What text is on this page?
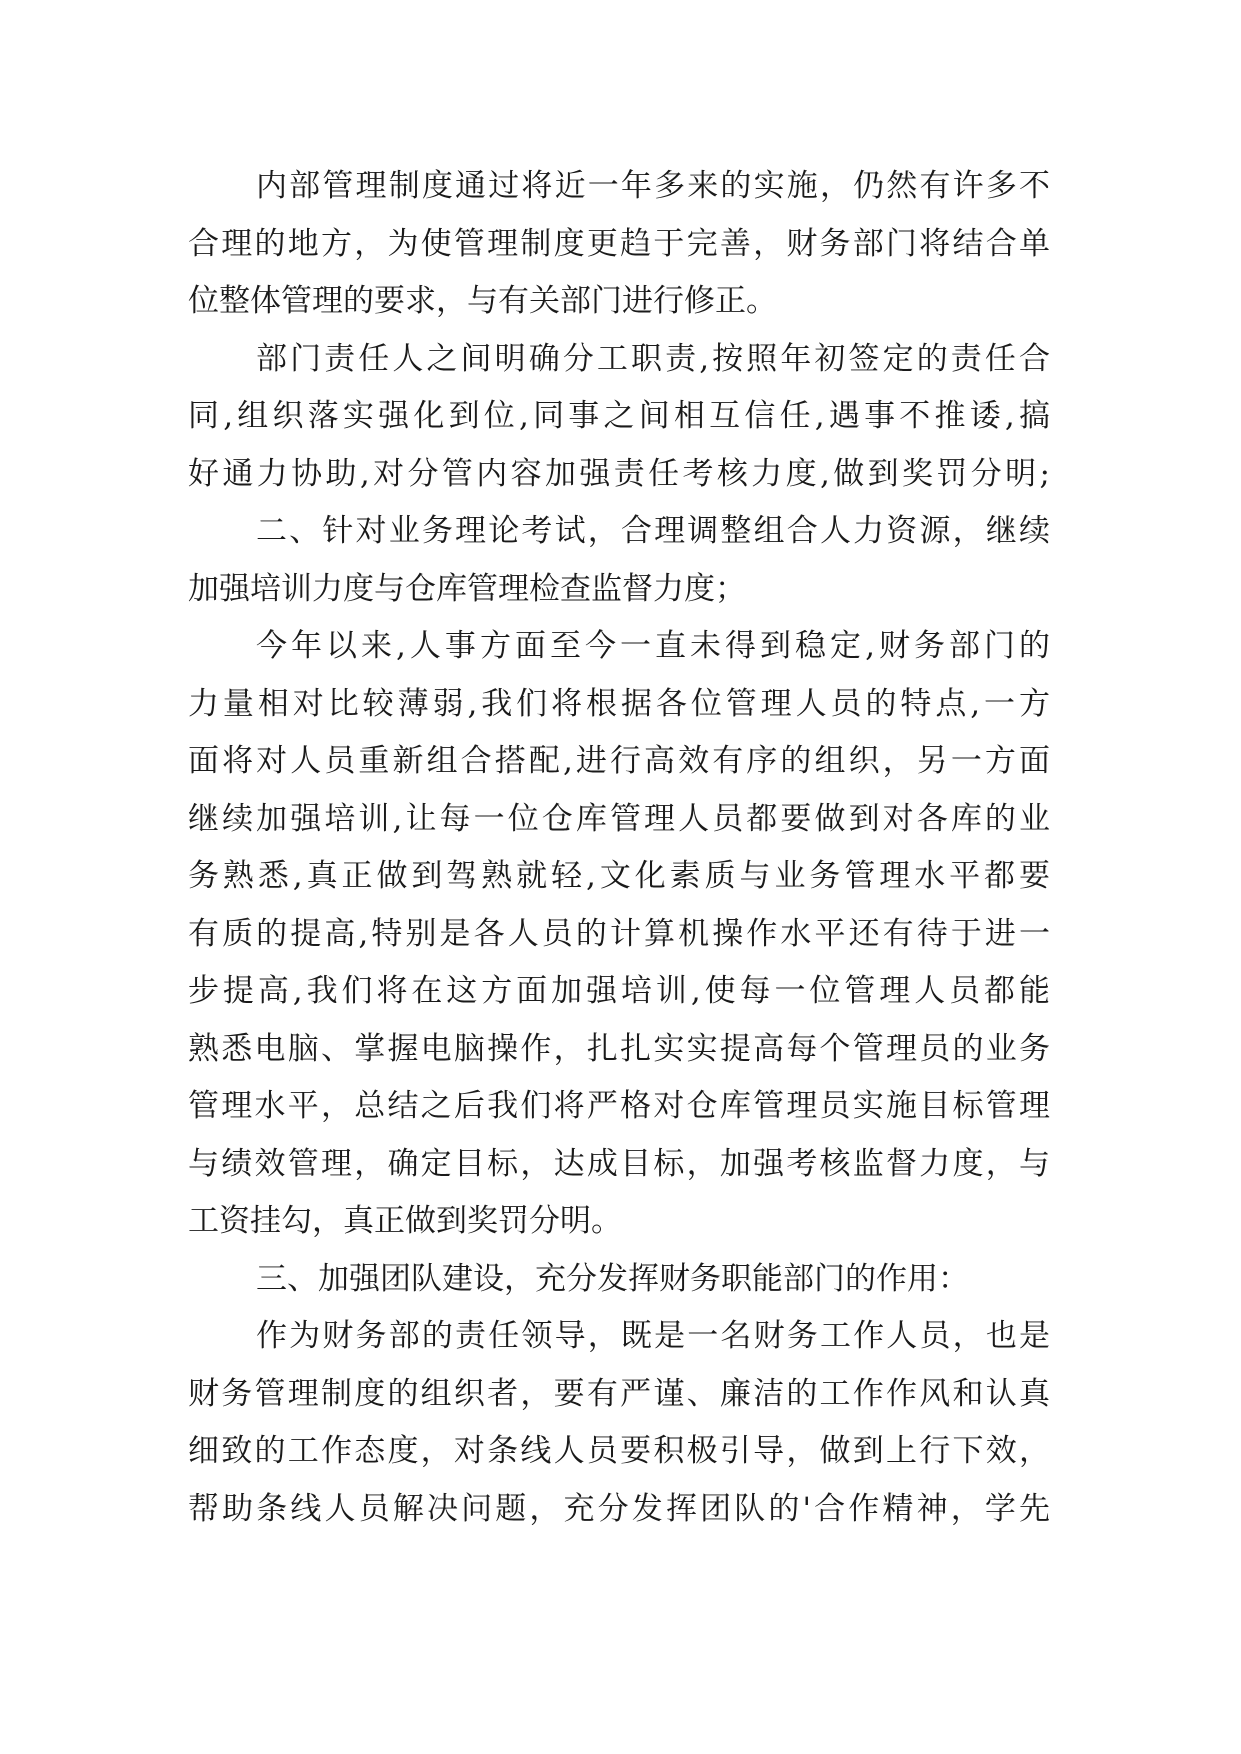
内部管理制度通过将近一年多来的实施，仍然有许多不
合理的地方，为使管理制度更趋于完善，财务部门将结合单
位整体管理的要求，与有关部门进行修正。
部门责任人之间明确分工职责,按照年初签定的责任合
同,组织落实强化到位,同事之间相互信任,遇事不推诿,搞
好通力协助,对分管内容加强责任考核力度,做到奖罚分明;
二、针对业务理论考试，合理调整组合人力资源，继续
加强培训力度与仓库管理检查监督力度；
今年以来,人事方面至今一直未得到稳定,财务部门的
力量相对比较薄弱,我们将根据各位管理人员的特点,一方
面将对人员重新组合搭配,进行高效有序的组织，另一方面
继续加强培训,让每一位仓库管理人员都要做到对各库的业
务熟悉,真正做到驾熟就轻,文化素质与业务管理水平都要
有质的提高,特别是各人员的计算机操作水平还有待于进一
步提高,我们将在这方面加强培训,使每一位管理人员都能
熟悉电脑、掌握电脑操作，扎扎实实提高每个管理员的业务
管理水平，总结之后我们将严格对仓库管理员实施目标管理
与绩效管理，确定目标，达成目标，加强考核监督力度，与
工资挂勾，真正做到奖罚分明。
三、加强团队建设，充分发挥财务职能部门的作用：
作为财务部的责任领导，既是一名财务工作人员，也是
财务管理制度的组织者，要有严谨、廉洁的工作作风和认真
细致的工作态度，对条线人员要积极引导，做到上行下效，
帮助条线人员解决问题，充分发挥团队的'合作精神，学先
